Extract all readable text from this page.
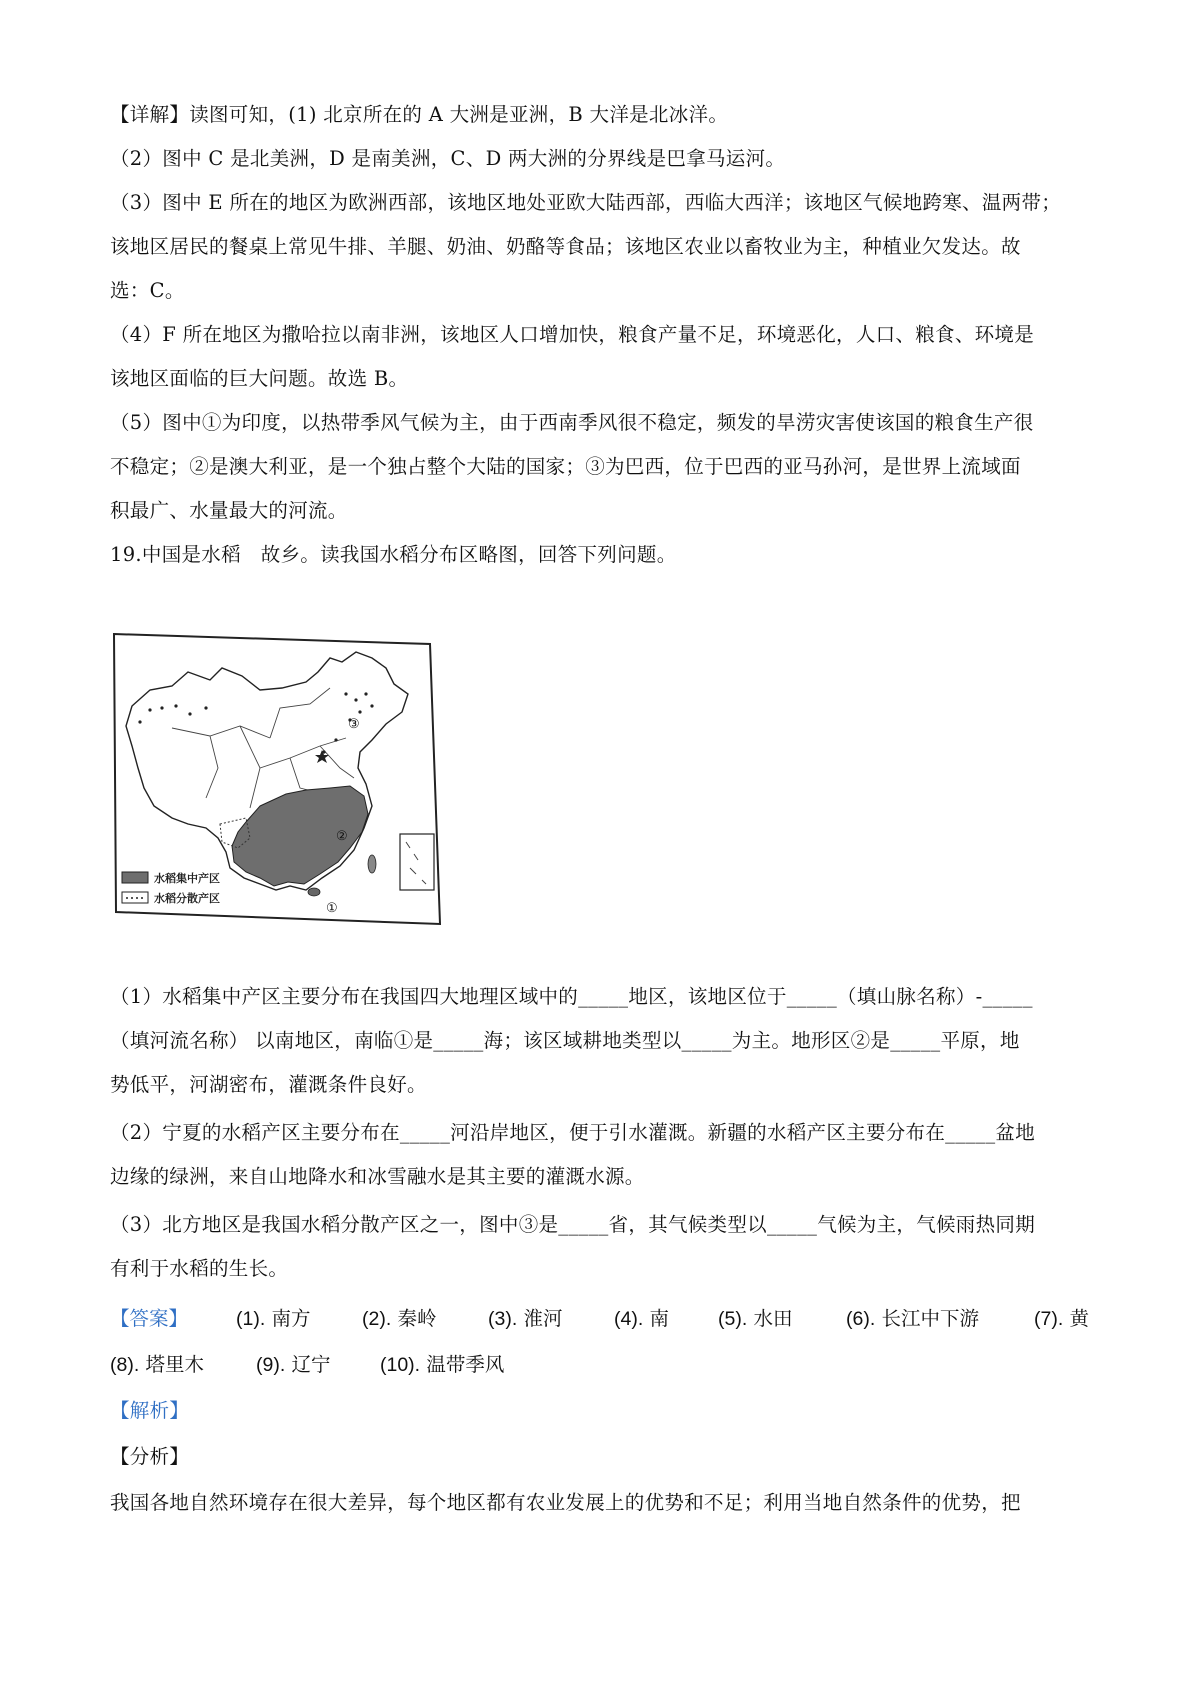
【详解】读图可知，(1) 北京所在的 A 大洲是亚洲，B 大洋是北冰洋。
（2）图中 C 是北美洲，D 是南美洲，C、D 两大洲的分界线是巴拿马运河。
（3）图中 E 所在的地区为欧洲西部，该地区地处亚欧大陆西部，西临大西洋；该地区气候地跨寒、温两带；
该地区居民的餐桌上常见牛排、羊腿、奶油、奶酪等食品；该地区农业以畜牧业为主，种植业欠发达。故
选：C。
（4）F 所在地区为撒哈拉以南非洲，该地区人口增加快，粮食产量不足，环境恶化，人口、粮食、环境是
该地区面临的巨大问题。故选 B。
（5）图中①为印度，以热带季风气候为主，由于西南季风很不稳定，频发的旱涝灾害使该国的粮食生产很
不稳定；②是澳大利亚，是一个独占整个大陆的国家；③为巴西，位于巴西的亚马孙河，是世界上流域面
积最广、水量最大的河流。
19.中国是水稻　故乡。读我国水稻分布区略图，回答下列问题。
③
②
①
水稻集中产区
水稻分散产区
（1）水稻集中产区主要分布在我国四大地理区域中的_____地区，该地区位于_____（填山脉名称）-_____
（填河流名称） 以南地区，南临①是_____海；该区域耕地类型以_____为主。地形区②是_____平原，地
势低平，河湖密布，灌溉条件良好。
（2）宁夏的水稻产区主要分布在_____河沿岸地区，便于引水灌溉。新疆的水稻产区主要分布在_____盆地
边缘的绿洲，来自山地降水和冰雪融水是其主要的灌溉水源。
（3）北方地区是我国水稻分散产区之一，图中③是_____省，其气候类型以_____气候为主，气候雨热同期
有利于水稻的生长。
【答案】 (1). 南方	(2). 秦岭	(3). 淮河	(4). 南	(5). 水田	(6). 长江中下游	(7). 黄
(8). 塔里木	(9). 辽宁	(10). 温带季风
【解析】
【分析】
我国各地自然环境存在很大差异，每个地区都有农业发展上的优势和不足；利用当地自然条件的优势，把
